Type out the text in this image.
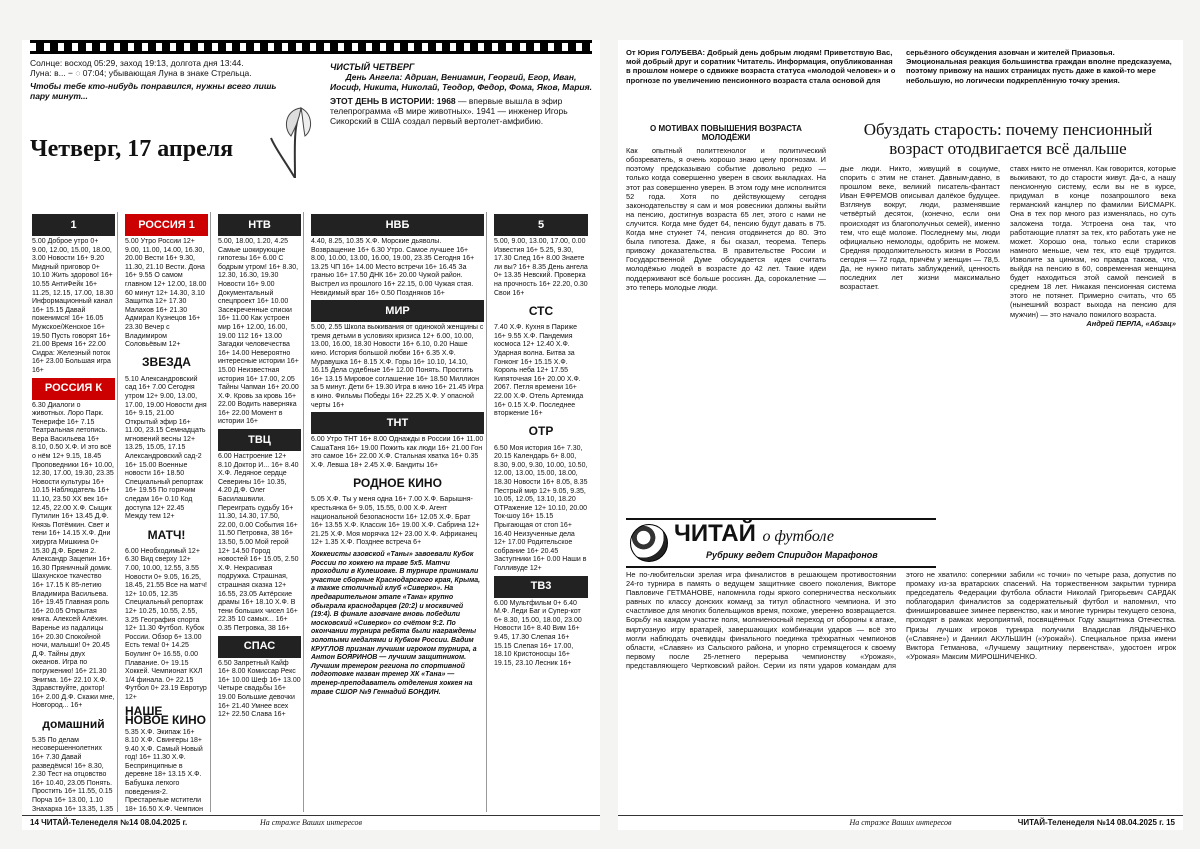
Солнце: восход 05:29, заход 19:13, долгота дня 13:44.
Луна: в... − ◌ 07:04; убывающая Луна в знаке Стрельца.
Чтобы тебе кто-нибудь понравился, нужны всего лишь пару минут...
Четверг, 17 апреля
ЧИСТЫЙ ЧЕТВЕРГ
День Ангела: Адриан, Вениамин, Георгий, Егор, Иван, Иосиф, Никита, Николай, Теодор, Федор, Фома, Яков, Мария.
ЭТОТ ДЕНЬ В ИСТОРИИ: 1968 — впервые вышла в эфир телепрограмма «В мире животных». 1941 — инженер Игорь Сикорский в США создал первый вертолет-амфибию.
1
5.00 Доброе утро 0+ 9.00, 12.00, 15.00, 18.00, 3.00 Новости 16+ 9.20 Мидный приговор 0+ 10.10 Жить здорово! 16+ 10.55 АнтиФейк 16+ 11.25, 12.15, 17.00, 18.30 Информационный канал 16+ 15.15 Давай поженимся! 16+ 16.05 Мужское/Женское 16+ 19.50 Пусть говорят 16+ 21.00 Время 16+ 22.00 Сидра: Железный поток 16+ 23.00 Большая игра 16+
РОССИЯ К
6.30 Диалоги о животных. Лоро Парк. Тенерифе 16+ 7.15 Театральная летопись. Вера Васильева 16+ 8.10, 0.50 Х.Ф. И это всё о нём 12+ 9.15, 18.45 Проповедники 16+ 10.00, 12.30, 17.00, 19.30, 23.35 Новости культуры 16+ 10.15 Наблюдатель 16+ 11.10, 23.50 ХХ век 16+ 12.45, 22.00 Х.Ф. Сыщик Путилин 16+ 13.45 Д.Ф. Князь Потёмкин. Свет и тени 16+ 14.15 Х.Ф. Дни хирурга Мишкина 0+ 15.30 Д.Ф. Бремя 2. Александр Зацепин 16+ 16.30 Пряничный домик. Шахунское ткачество 16+ 17.15 К 85-летию Владимира Васильева. 16+ 19.45 Главная роль 16+ 20.05 Открытая книга. Алексей Алёхин. Варенье из падалицы 16+ 20.30 Спокойной ночи, малыши! 0+ 20.45 Д.Ф. Тайны двух океанов. Игра по погружению! 16+ 21.30 Энигма. 16+ 22.10 Х.Ф. Здравствуйте, доктор! 16+ 2.00 Д.Ф. Скажи мне, Новгород... 16+
домашний
5.35 По делам несовершеннолетних 16+ 7.30 Давай разведёмся! 16+ 8.30, 2.30 Тест на отцовство 16+ 10.40, 23.05 Понять. Простить 16+ 11.55, 0.15 Порча 16+ 13.00, 1.10 Знахарка 16+ 13.35, 1.35
РОССИЯ 1
5.00 Утро России 12+ 9.00, 11.00, 14.00, 16.30, 20.00 Вести 16+ 9.30, 11.30, 21.10 Вести. Дона 16+ 9.55 О самом главном 12+ 12.00, 18.00 60 минут 12+ 14.30, 3.10 Защитка 12+ 17.30 Малахов 16+ 21.30 Адмирал Кузнецов 16+ 23.30 Вечер с Владимиром Соловьёвым 12+
ЗВЕЗДА
5.10 Александровский сад 16+ 7.00 Сегодня утром 12+ 9.00, 13.00, 17.00, 19.00 Новости дня 16+ 9.15, 21.00 Открытый эфир 16+ 11.00, 23.15 Семнадцать мгновений весны 12+ 13.25, 15.05, 17.15 Александровский сад-2 16+ 15.00 Военные новости 16+ 18.50 Специальный репортаж 16+ 19.55 По горячим следам 16+ 0.10 Код доступа 12+ 22.45 Между тем 12+
МАТЧ!
6.00 Необходимый 12+ 6.30 Вид сверху 12+ 7.00, 10.00, 12.55, 3.55 Новости 0+ 9.05, 16.25, 18.45, 21.55 Все на матч! 12+ 10.05, 12.35 Специальный репортаж 12+ 10.25, 10.55, 2.55, 3.25 География спорта 12+ 11.30 Футбол. Кубок России. Обзор 6+ 13.00 Есть тема! 0+ 14.25 Боулинг 0+ 16.55, 0.00 Плавание. 0+ 19.15 Хоккей. Чемпионат КХЛ 1/4 финала. 0+ 22.15 Футбол 0+ 23.19 Евротур 12+
НАШЕ НОВОЕ КИНО
5.35 Х.Ф. Экипаж 16+ 8.10 Х.Ф. Свингеры 18+ 9.40 Х.Ф. Самый Новый год! 16+ 11.30 Х.Ф. Беспринципные в деревне 18+ 13.15 Х.Ф. Бабушка легкого поведения-2. Престарелые мстители 18+ 16.50 Х.Ф. Чемпион
НТВ
5.00, 18.00, 1.20, 4.25 Самые шокирующие гипотезы 16+ 6.00 С бодрым утром! 16+ 8.30, 12.30, 16.30, 19.30 Новости 16+ 9.00 Документальный спецпроект 16+ 10.00 Засекреченные списки 16+ 11.00 Как устроен мир 16+ 12.00, 16.00, 19.00 112 16+ 13.00 Загадки человечества 16+ 14.00 Невероятно интересные истории 16+ 15.00 Неизвестная история 16+ 17.00, 2.05 Тайны Чапман 16+ 20.00 Х.Ф. Кровь за кровь 16+ 22.00 Водить наверняка 16+ 22.00 Момент в истории 16+
ТВЦ
6.00 Настроение 12+ 8.10 Доктор И... 16+ 8.40 Х.Ф. Ледяное сердце Северины 16+ 10.35, 4.20 Д.Ф. Олег Басилашвили. Переиграть судьбу 16+ 11.30, 14.30, 17.50, 22.00, 0.00 События 16+ 11.50 Петровка, 38 16+ 13.50, 5.00 Мой герой 12+ 14.50 Город новостей 16+ 15.05, 2.50 Х.Ф. Некрасивая подружка. Страшная, страшная сказка 12+ 16.55, 23.05 Актёрские драмы 16+ 18.10 Х.Ф. В тени больших чисел 16+ 22.35 10 самых... 16+ 0.35 Петровка, 38 16+
СПАС
6.50 Запретный Кайф 16+ 8.00 Комиссар Рекс 16+ 10.00 Шеф 16+ 13.00 Четыре свадьбы 16+ 19.00 Большие девочки 16+ 21.40 Умнее всех 12+ 22.50 Слава 16+
НВБ
4.40, 8.25, 10.35 Х.Ф. Морские дьяволы. Возвращение 16+ 6.30 Утро. Самое лучшее 16+ 8.00, 10.00, 13.00, 16.00, 19.00, 23.35 Сегодня 16+ 13.25 ЧП 16+ 14.00 Место встречи 16+ 16.45 За гранью 16+ 17.50 ДНК 16+ 20.00 Чужой район. Выстрел из прошлого 16+ 22.15, 0.00 Чужая стая. Невидимый враг 16+ 0.50 Поздняков 16+
МИР
5.00, 2.55 Школа выживания от одинокой женщины с тремя детьми в условиях кризиса 12+ 6.00, 10.00, 13.00, 16.00, 18.30 Новости 16+ 6.10, 0.20 Наше кино. История большой любви 16+ 6.35 Х.Ф. Муравушка 16+ 8.15 Х.Ф. Горы 16+ 10.10, 14.10, 16.15 Дела судебные 16+ 12.00 Понять. Простить 16+ 13.15 Мировое соглашение 16+ 18.50 Миллион за 5 минут. Дети 6+ 19.30 Игра в кино 16+ 21.45 Игра в кино. Фильмы Победы 16+ 22.25 Х.Ф. У опасной черты 16+
ТНТ
6.00 Утро ТНТ 16+ 8.00 Однажды в России 16+ 11.00 СашаТаня 16+ 19.00 Пожить как люди 16+ 21.00 Гон это самое 16+ 22.00 Х.Ф. Стальная хватка 16+ 0.35 Х.Ф. Левша 18+ 2.45 Х.Ф. Бандиты 16+
РОДНОЕ КИНО
5.05 Х.Ф. Ты у меня одна 16+ 7.00 Х.Ф. Барышня-крестьянка 6+ 9.05, 15.55, 0.00 Х.Ф. Агент национальной безопасности 16+ 12.05 Х.Ф. Брат 16+ 13.55 Х.Ф. Классик 16+ 19.00 Х.Ф. Сабрина 12+ 21.25 Х.Ф. Моя морячка 12+ 23.00 Х.Ф. Африканец 12+ 1.35 Х.Ф. Позднее встреча 6+
Хоккеисты азовской «Таны» завоевали Кубок России по хоккею на траве 5х5. Матчи проходили в Кулешовке. В турнире принимали участие сборные Краснодарского края, Крыма, а также столичный клуб «Сиверко». На предварительном этапе «Тана» крупно обыграла краснодарцев (20:2) и москвичей (19:4). В финале азовчане вновь победили московский «Сиверко» со счётом 9:2. По окончании турнира ребята были награждены золотыми медалями и Кубком России. Вадим КРУГЛОВ признан лучшим игроком турнира, а Антон БОЯРИНОВ — лучшим защитником. Лучшим тренером региона по спортивной подготовке назван тренер ХК «Тана» — тренер-преподаватель отделения хоккея на траве СШОР №9 Геннадий БОНДИН.
5
5.00, 9.00, 13.00, 17.00, 0.00 Известия 16+ 5.25, 9.30, 17.30 След 16+ 8.00 Знаете ли вы? 16+ 8.35 День ангела 0+ 13.35 Невский. Проверка на прочность 16+ 22.20, 0.30 Свои 16+
СТС
7.40 Х.Ф. Кухня в Париже 16+ 9.55 Х.Ф. Пандемия космоса 12+ 12.40 Х.Ф. Ударная волна. Битва за Гонконг 16+ 15.15 Х.Ф. Король неба 12+ 17.55 Кипяточная 16+ 20.00 Х.Ф. 2067. Петля времени 16+ 22.00 Х.Ф. Отель Артемида 16+ 0.15 Х.Ф. Последнее вторжение 16+
ОТР
6.50 Моя история 16+ 7.30, 20.15 Календарь 6+ 8.00, 8.30, 9.00, 9.30, 10.00, 10.50, 12.00, 13.00, 15.00, 18.00, 18.30 Новости 16+ 8.05, 8.35 Пестрый мир 12+ 9.05, 9.35, 10.05, 12.05, 13.10, 18.20 ОТРажение 12+ 10.10, 20.00 Ток-шоу 16+ 15.15 Прыгающая от стоп 16+ 16.40 Неизученные дела 12+ 17.00 Родительское собрание 16+ 20.45 Заступники 16+ 0.00 Наши в Голливуде 12+
ТВ3
6.00 Мультфильм 0+ 6.40 М.Ф. Леди Баг и Супер-кот 6+ 8.30, 15.00, 18.00, 23.00 Новости 16+ 8.40 Вим 16+ 9.45, 17.30 Слепая 16+ 15.15 Слепая 16+ 17.00, 18.10 Кристоносцы 16+ 19.15, 23.10 Лесник 16+
14 ЧИТАЙ-Теленеделя №14 08.04.2025 г.	На страже Ваших интересов
От Юрия ГОЛУБЕВА: Добрый день добрым людям! Приветствую Вас, мой добрый друг и соратник Читатель. Информация, опубликованная в прошлом номере о сдвижке возраста статуса «молодой человек» и о прогнозе по увеличению пенсионного возраста стала основой для серьёзного обсуждения азовчан и жителей Приазовья. Эмоциональная реакция большинства граждан вполне предсказуема, поэтому привожу на наших страницах пусть даже в какой-то мере небольшую, но логически подкреплённую точку зрения.
О МОТИВАХ ПОВЫШЕНИЯ ВОЗРАСТА МОЛОДЁЖИ
Как опытный политтехнолог и политический обозреватель, я очень хорошо знаю цену прогнозам. И поэтому предсказываю событие довольно редко — только когда совершенно уверен в своих выкладках. На этот раз совершенно уверен. В этом году мне исполнится 52 года. Хотя по действующему сегодня законодательству я сам и моя ровесники должны выйти на пенсию, достигнув возраста 65 лет, этого с нами не случится. Когда мне будет 64, пенсию будут давать в 75. Когда мне стукнет 74, пенсия отодвинется до 80. Это была гипотеза. Даже, я бы сказал, теорема. Теперь привожу доказательства. В правительстве России и Государственной Думе обсуждается идея считать молодёжью людей в возрасте до 42 лет. Такие идеи поддерживают всё больше россиян. Да, сорокалетние — это теперь молодые люди.
Обуздать старость: почему пенсионный возраст отодвигается всё дальше
дые люди. Никто, живущий в социуме, спорить с этим не станет. Давным-давно, в прошлом веке, великий писатель-фантаст Иван ЕФРЕМОВ описывал далёкое будущее. Взглянув вокруг, люди, разменявшие четвёртый десяток, (конечно, если они происходят из благополучных семей), именно тем, что ещё моложе. Последнему мы, люди официально немолоды, одобрить не можем. Средняя продолжительность жизни в России сегодня — 72 года, причём у женщин — 78,5. Да, не нужно питать заблуждений, ценность последних лет жизни максимально возрастает.
ставх никто не отменял. Как говорится, которые выживают, то до старости живут. Да-с, а нашу пенсионную систему, если вы не в курсе, придумал в конце позапрошлого века германский канцлер по фамилии БИСМАРК. Она в тех пор много раз изменялась, но суть заложена тогда. Устроена она так, что работающие платят за тех, кто работать уже не может. Хорошо она, только если стариков намного меньше, чем тех, кто ещё трудится. Изволите за цинизм, но правда такова, что, выйдя на пенсию в 60, современная женщина будет находиться этой самой пенсией в среднем 18 лет. Никакая пенсионная система этого не потянет. Примерно считать, что 65 (нынешний возраст выхода на пенсию для мужчин) — это начало пожилого возраста.
Андрей ПЕРЛА, «Абзац»
ЧИТАЙ о футболе
Рубрику ведет Спиридон Марафонов
Не по-любительски зрелая игра финалистов в решающем противостоянии 24-го турнира в память о ведущем защитнике своего поколения, Викторе Павловиче ГЕТМАНОВЕ, напомнила годы яркого соперничества нескольких равных по классу донских команд за титул областного чемпиона. И это счастливое для многих болельщиков время, похоже, уверенно возвращается. Борьбу на каждом участке поля, молниеносный переход от обороны к атаке, виртуозную игру вратарей, завершающих комбинации ударов — всё это могли наблюдать очевидцы финального поединка трёхкратных чемпионов области, «Славян» из Сальского района, и упорно стремящегося к своему первому после 25-летнего перерыва чемпионству «Урожая», представляющего Чертковский район. Серии из пяти ударов командам для этого не хватило: соперники забили «с точки» по четыре раза, допустив по промаху из-за вратарских спасений. На торжественном закрытии турнира председатель Федерации футбола области Николай Григорьевич САРДАК поблагодарил финалистов за содержательный футбол и напомнил, что финишировавшее зимнее первенство, как и многие турниры текущего сезона, проходят в рамках мероприятий, посвящённых Году защитника Отечества. Призы лучших игроков турнира получили Владислав ЛЯДЫЧЕНКО («Славяне») и Даниил АКУЛЬШИН («Урожай»). Специальное приза имени Виктора Гетманова, «Лучшему защитнику первенства», удостоен игрок «Урожая» Максим МИРОШНИЧЕНКО.
На страже Ваших интересов	ЧИТАЙ-Теленеделя №14 08.04.2025 г. 15
